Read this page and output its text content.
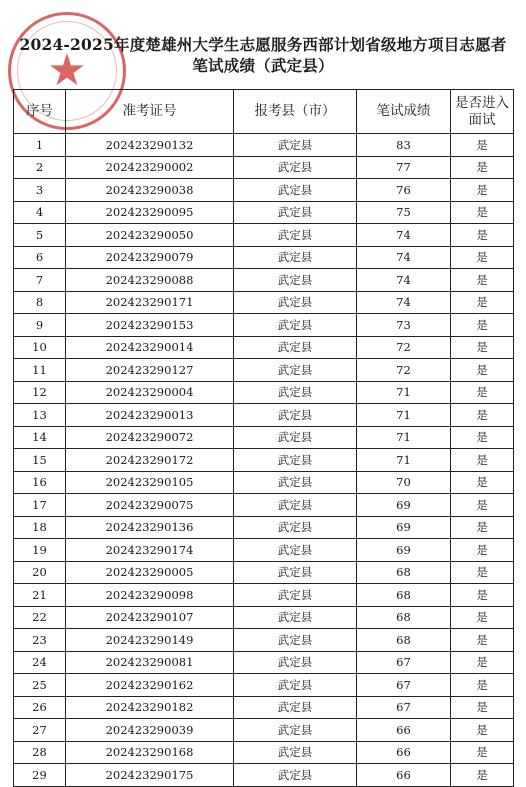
★
2024-2025年度楚雄州大学生志愿服务西部计划省级地方项目志愿者
笔试成绩（武定县）
序号	准考证号	报考县（市）	笔试成绩	是否进入面试
1	202423290132	武定县	83	是
2	202423290002	武定县	77	是
3	202423290038	武定县	76	是
4	202423290095	武定县	75	是
5	202423290050	武定县	74	是
6	202423290079	武定县	74	是
7	202423290088	武定县	74	是
8	202423290171	武定县	74	是
9	202423290153	武定县	73	是
10	202423290014	武定县	72	是
11	202423290127	武定县	72	是
12	202423290004	武定县	71	是
13	202423290013	武定县	71	是
14	202423290072	武定县	71	是
15	202423290172	武定县	71	是
16	202423290105	武定县	70	是
17	202423290075	武定县	69	是
18	202423290136	武定县	69	是
19	202423290174	武定县	69	是
20	202423290005	武定县	68	是
21	202423290098	武定县	68	是
22	202423290107	武定县	68	是
23	202423290149	武定县	68	是
24	202423290081	武定县	67	是
25	202423290162	武定县	67	是
26	202423290182	武定县	67	是
27	202423290039	武定县	66	是
28	202423290168	武定县	66	是
29	202423290175	武定县	66	是
